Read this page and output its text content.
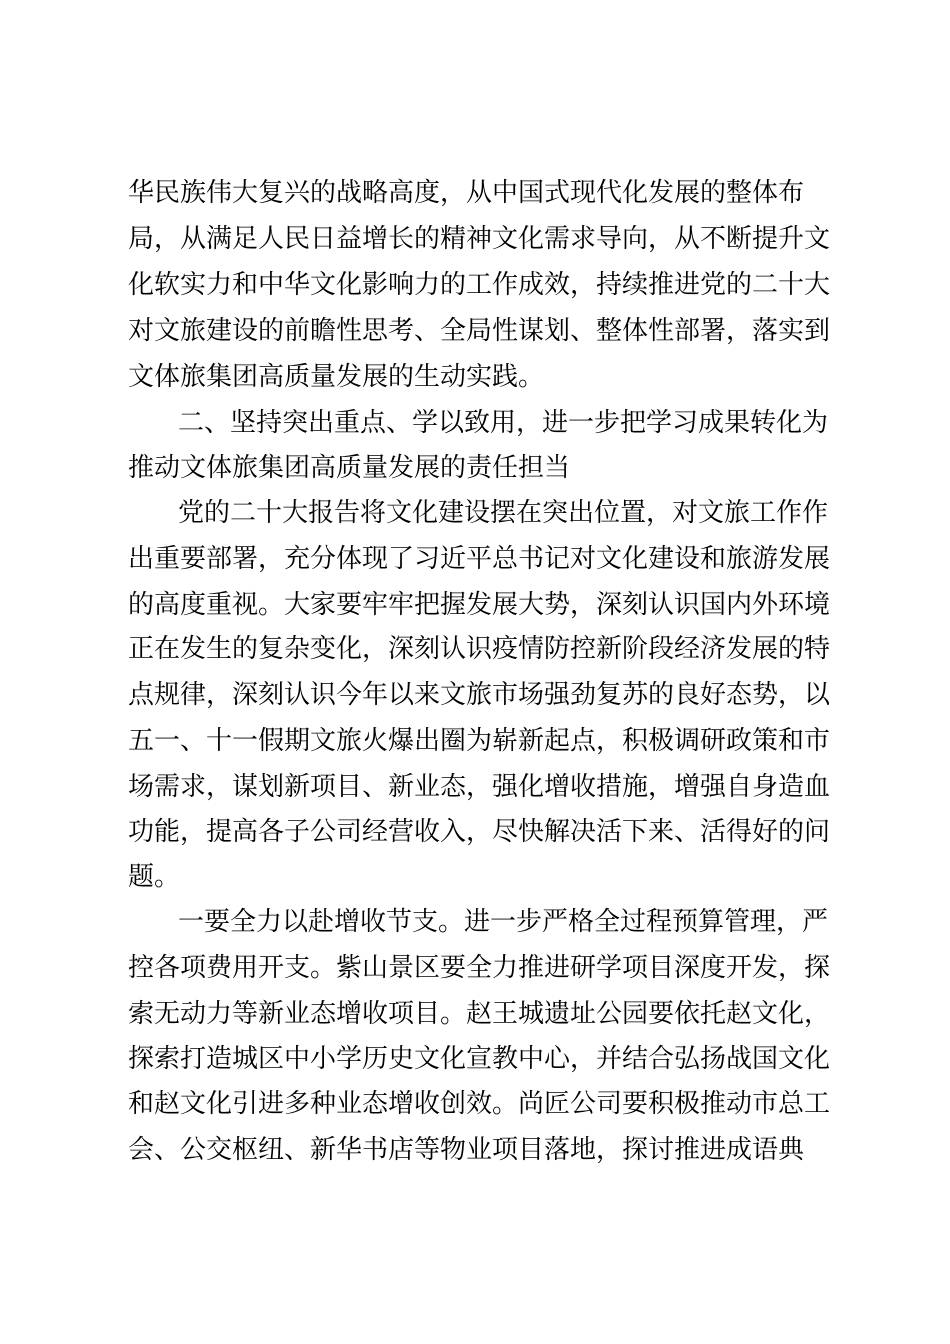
华民族伟大复兴的战略高度，从中国式现代化发展的整体布
局，从满足人民日益增长的精神文化需求导向，从不断提升文
化软实力和中华文化影响力的工作成效，持续推进党的二十大
对文旅建设的前瞻性思考、全局性谋划、整体性部署，落实到
文体旅集团高质量发展的生动实践。
二、坚持突出重点、学以致用，进一步把学习成果转化为
推动文体旅集团高质量发展的责任担当
党的二十大报告将文化建设摆在突出位置，对文旅工作作
出重要部署，充分体现了习近平总书记对文化建设和旅游发展
的高度重视。大家要牢牢把握发展大势，深刻认识国内外环境
正在发生的复杂变化，深刻认识疫情防控新阶段经济发展的特
点规律，深刻认识今年以来文旅市场强劲复苏的良好态势，以
五一、十一假期文旅火爆出圈为崭新起点，积极调研政策和市
场需求，谋划新项目、新业态，强化增收措施，增强自身造血
功能，提高各子公司经营收入，尽快解决活下来、活得好的问
题。
一要全力以赴增收节支。进一步严格全过程预算管理，严
控各项费用开支。紫山景区要全力推进研学项目深度开发，探
索无动力等新业态增收项目。赵王城遗址公园要依托赵文化，
探索打造城区中小学历史文化宣教中心，并结合弘扬战国文化
和赵文化引进多种业态增收创效。尚匠公司要积极推动市总工
会、公交枢纽、新华书店等物业项目落地，探讨推进成语典
